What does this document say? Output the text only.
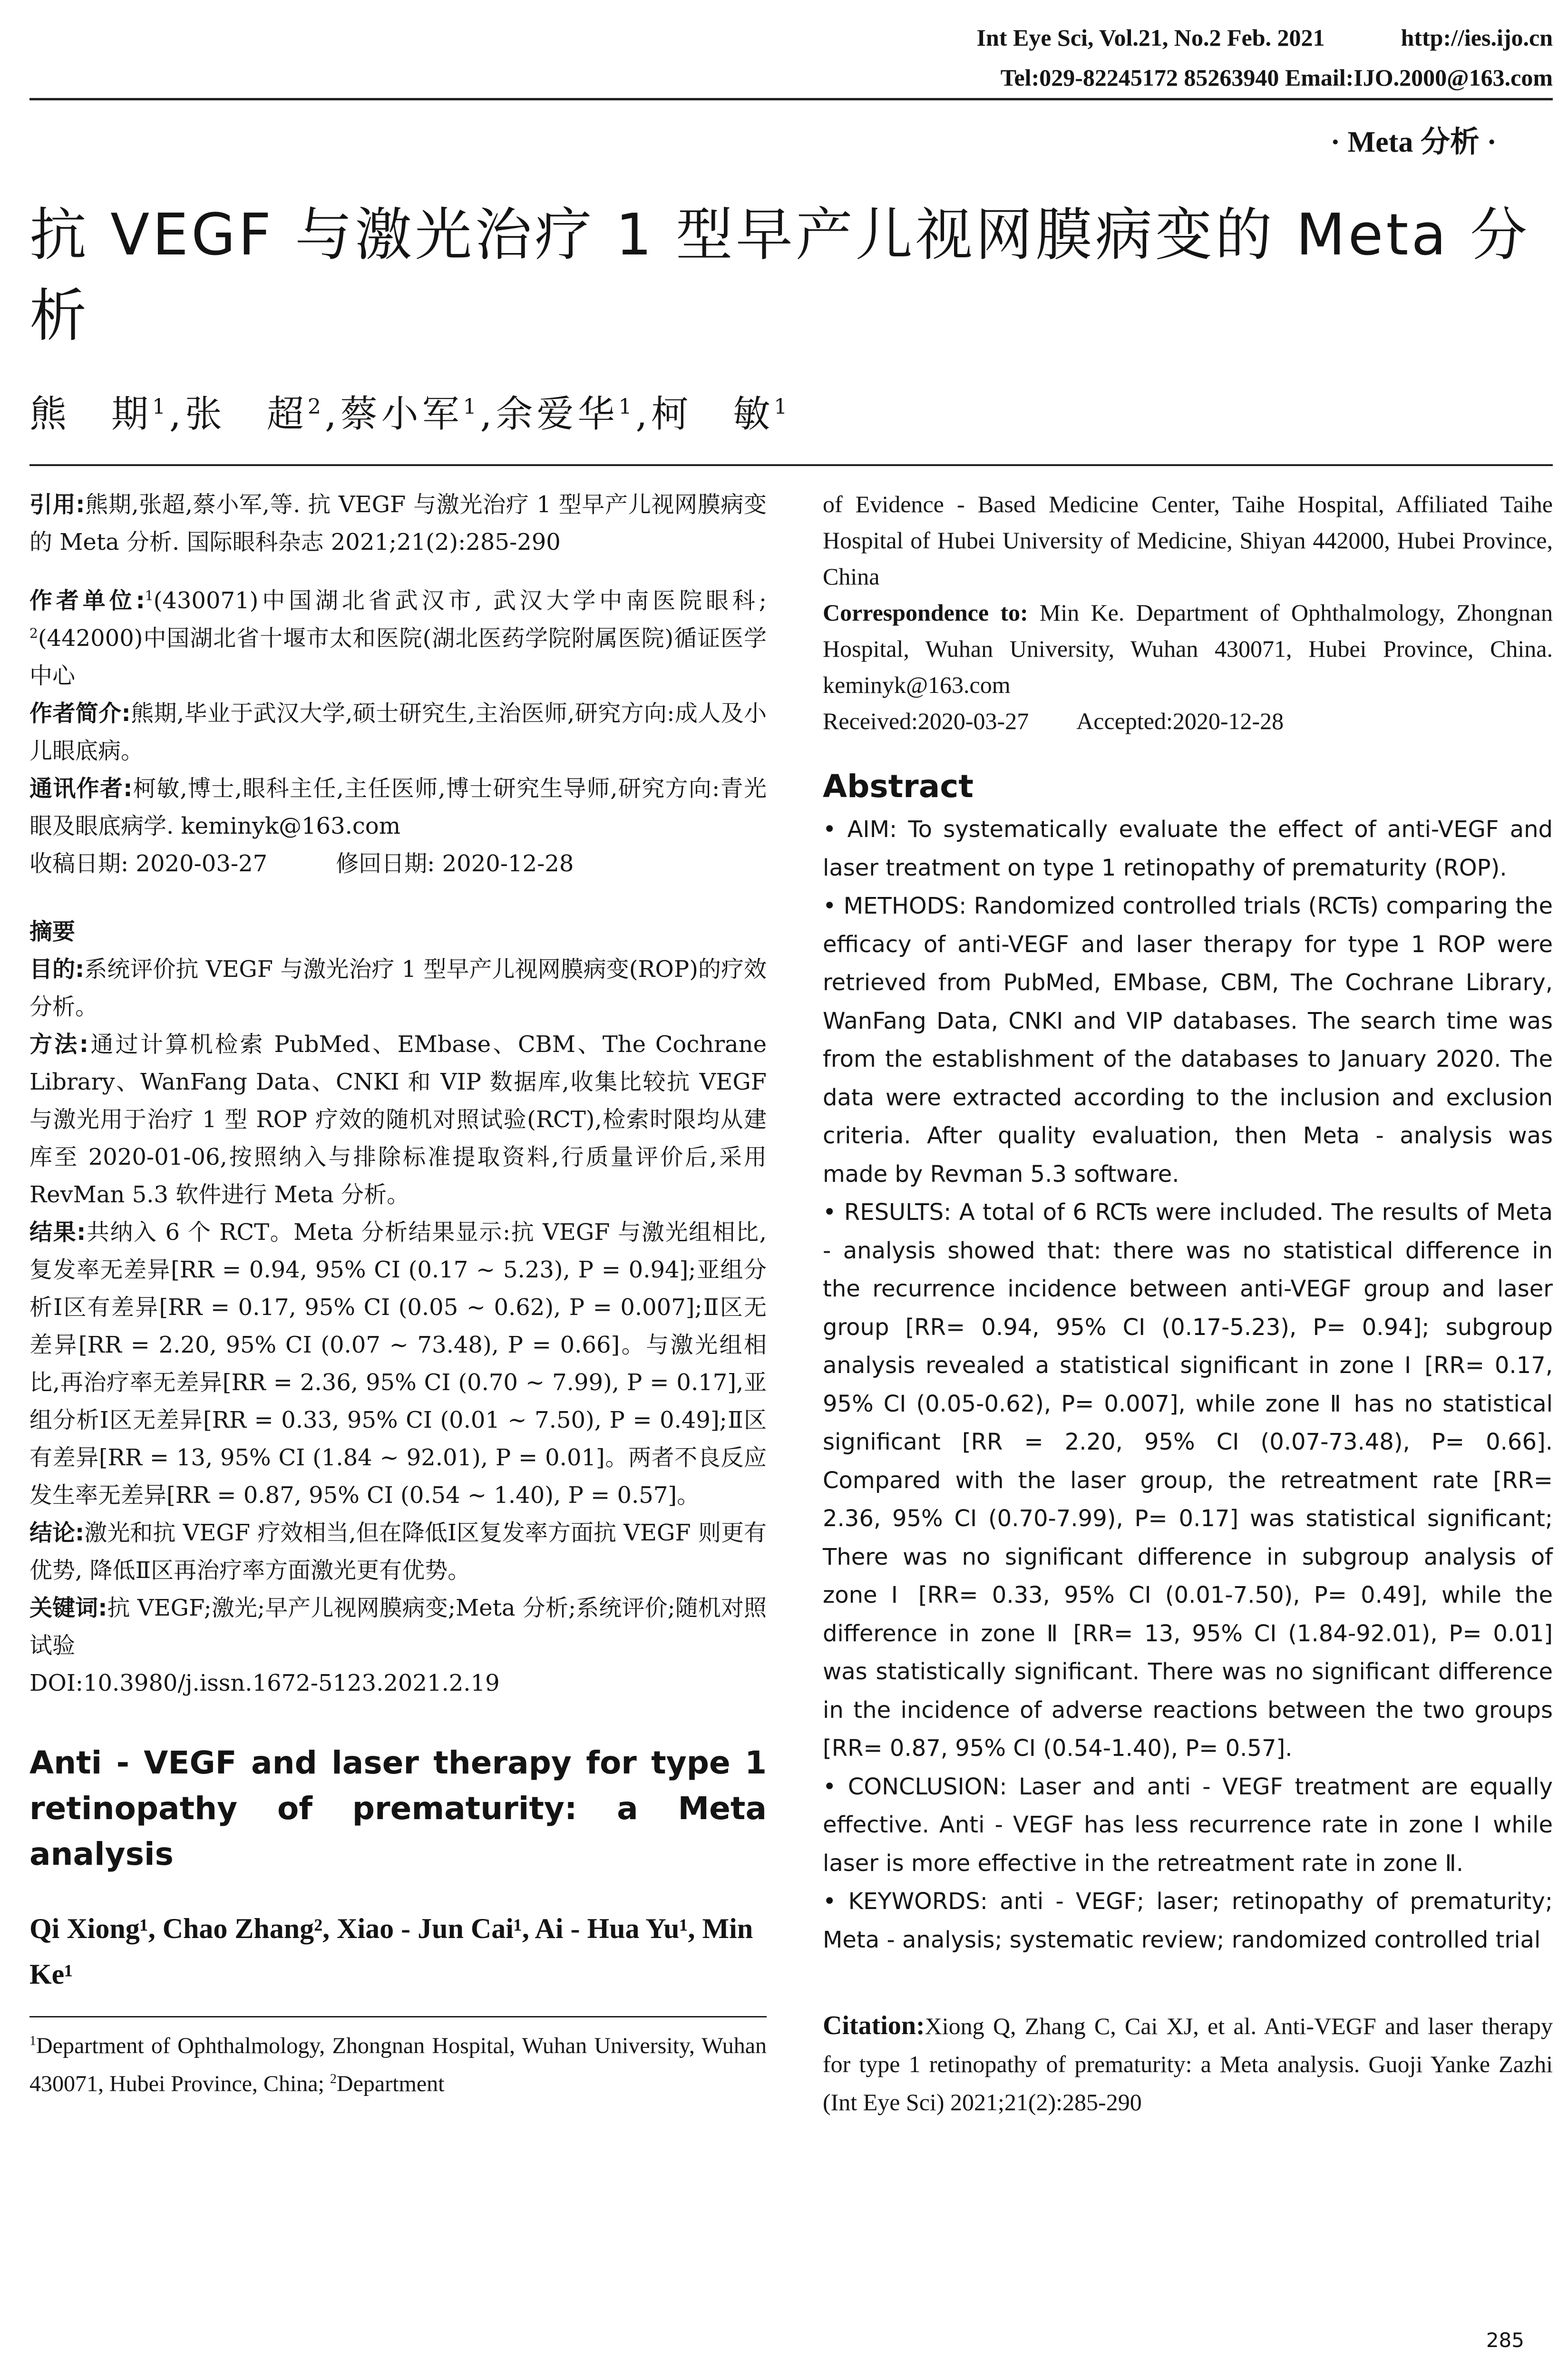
Int Eye Sci, Vol.21, No.2 Feb. 2021	http://ies.ijo.cn
Tel:029-82245172 85263940 Email:IJO.2000@163.com
· Meta 分析 ·
抗 VEGF 与激光治疗 1 型早产儿视网膜病变的 Meta 分析
熊　期$^1$,张　超$^2$,蔡小军$^1$,余爱华$^1$,柯　敏$^1$

引用:熊期,张超,蔡小军,等. 抗 VEGF 与激光治疗 1 型早产儿视网膜病变的 Meta 分析. 国际眼科杂志 2021;21(2):285-290

作者单位:$^1$(430071)中国湖北省武汉市, 武汉大学中南医院眼科; $^2$(442000)中国湖北省十堰市太和医院(湖北医药学院附属医院)循证医学中心

作者简介:熊期,毕业于武汉大学,硕士研究生,主治医师,研究方向:成人及小儿眼底病。

通讯作者:柯敏,博士,眼科主任,主任医师,博士研究生导师,研究方向:青光眼及眼底病学. keminyk@163.com

收稿日期: 2020-03-27　　　修回日期: 2020-12-28

摘要

目的:系统评价抗 VEGF 与激光治疗 1 型早产儿视网膜病变(ROP)的疗效分析。

方法:通过计算机检索 PubMed、EMbase、CBM、The Cochrane Library、WanFang Data、CNKI 和 VIP 数据库,收集比较抗 VEGF 与激光用于治疗 1 型 ROP 疗效的随机对照试验(RCT),检索时限均从建库至 2020-01-06,按照纳入与排除标准提取资料,行质量评价后,采用 RevMan 5.3 软件进行 Meta 分析。

结果:共纳入 6 个 RCT。Meta 分析结果显示:抗 VEGF 与激光组相比,复发率无差异[RR = 0.94, 95% CI (0.17 ~ 5.23), P = 0.94];亚组分析Ⅰ区有差异[RR = 0.17, 95% CI (0.05 ~ 0.62), P = 0.007];Ⅱ区无差异[RR = 2.20, 95% CI (0.07 ~ 73.48), P = 0.66]。与激光组相比,再治疗率无差异[RR = 2.36, 95% CI (0.70 ~ 7.99), P = 0.17],亚组分析Ⅰ区无差异[RR = 0.33, 95% CI (0.01 ~ 7.50), P = 0.49];Ⅱ区有差异[RR = 13, 95% CI (1.84 ~ 92.01), P = 0.01]。两者不良反应发生率无差异[RR = 0.87, 95% CI (0.54 ~ 1.40), P = 0.57]。

结论:激光和抗 VEGF 疗效相当,但在降低Ⅰ区复发率方面抗 VEGF 则更有优势, 降低Ⅱ区再治疗率方面激光更有优势。

关键词:抗 VEGF;激光;早产儿视网膜病变;Meta 分析;系统评价;随机对照试验

DOI:10.3980/j.issn.1672-5123.2021.2.19

Anti - VEGF and laser therapy for type 1 retinopathy of prematurity: a Meta analysis

Qi Xiong¹, Chao Zhang², Xiao - Jun Cai¹, Ai - Hua Yu¹, Min Ke¹

$^1$Department of Ophthalmology, Zhongnan Hospital, Wuhan University, Wuhan 430071, Hubei Province, China; $^2$Department

of Evidence - Based Medicine Center, Taihe Hospital, Affiliated Taihe Hospital of Hubei University of Medicine, Shiyan 442000, Hubei Province, China

Correspondence to: Min Ke. Department of Ophthalmology, Zhongnan Hospital, Wuhan University, Wuhan 430071, Hubei Province, China. keminyk@163.com

Received:2020-03-27　　Accepted:2020-12-28

Abstract

• AIM: To systematically evaluate the effect of anti-VEGF and laser treatment on type 1 retinopathy of prematurity (ROP).

• METHODS: Randomized controlled trials (RCTs) comparing the efficacy of anti-VEGF and laser therapy for type 1 ROP were retrieved from PubMed, EMbase, CBM, The Cochrane Library, WanFang Data, CNKI and VIP databases. The search time was from the establishment of the databases to January 2020. The data were extracted according to the inclusion and exclusion criteria. After quality evaluation, then Meta - analysis was made by Revman 5.3 software.

• RESULTS: A total of 6 RCTs were included. The results of Meta - analysis showed that: there was no statistical difference in the recurrence incidence between anti-VEGF group and laser group [RR= 0.94, 95% CI (0.17-5.23), P= 0.94]; subgroup analysis revealed a statistical significant in zone Ⅰ [RR= 0.17, 95% CI (0.05-0.62), P= 0.007], while zone Ⅱ has no statistical significant [RR = 2.20, 95% CI (0.07-73.48), P= 0.66]. Compared with the laser group, the retreatment rate [RR= 2.36, 95% CI (0.70-7.99), P= 0.17] was statistical significant; There was no significant difference in subgroup analysis of zone Ⅰ [RR= 0.33, 95% CI (0.01-7.50), P= 0.49], while the difference in zone Ⅱ [RR= 13, 95% CI (1.84-92.01), P= 0.01] was statistically significant. There was no significant difference in the incidence of adverse reactions between the two groups [RR= 0.87, 95% CI (0.54-1.40), P= 0.57].

• CONCLUSION: Laser and anti - VEGF treatment are equally effective. Anti - VEGF has less recurrence rate in zone Ⅰ while laser is more effective in the retreatment rate in zone Ⅱ.

• KEYWORDS: anti - VEGF; laser; retinopathy of prematurity; Meta - analysis; systematic review; randomized controlled trial

Citation:Xiong Q, Zhang C, Cai XJ, et al. Anti-VEGF and laser therapy for type 1 retinopathy of prematurity: a Meta analysis. Guoji Yanke Zazhi (Int Eye Sci) 2021;21(2):285-290

285
